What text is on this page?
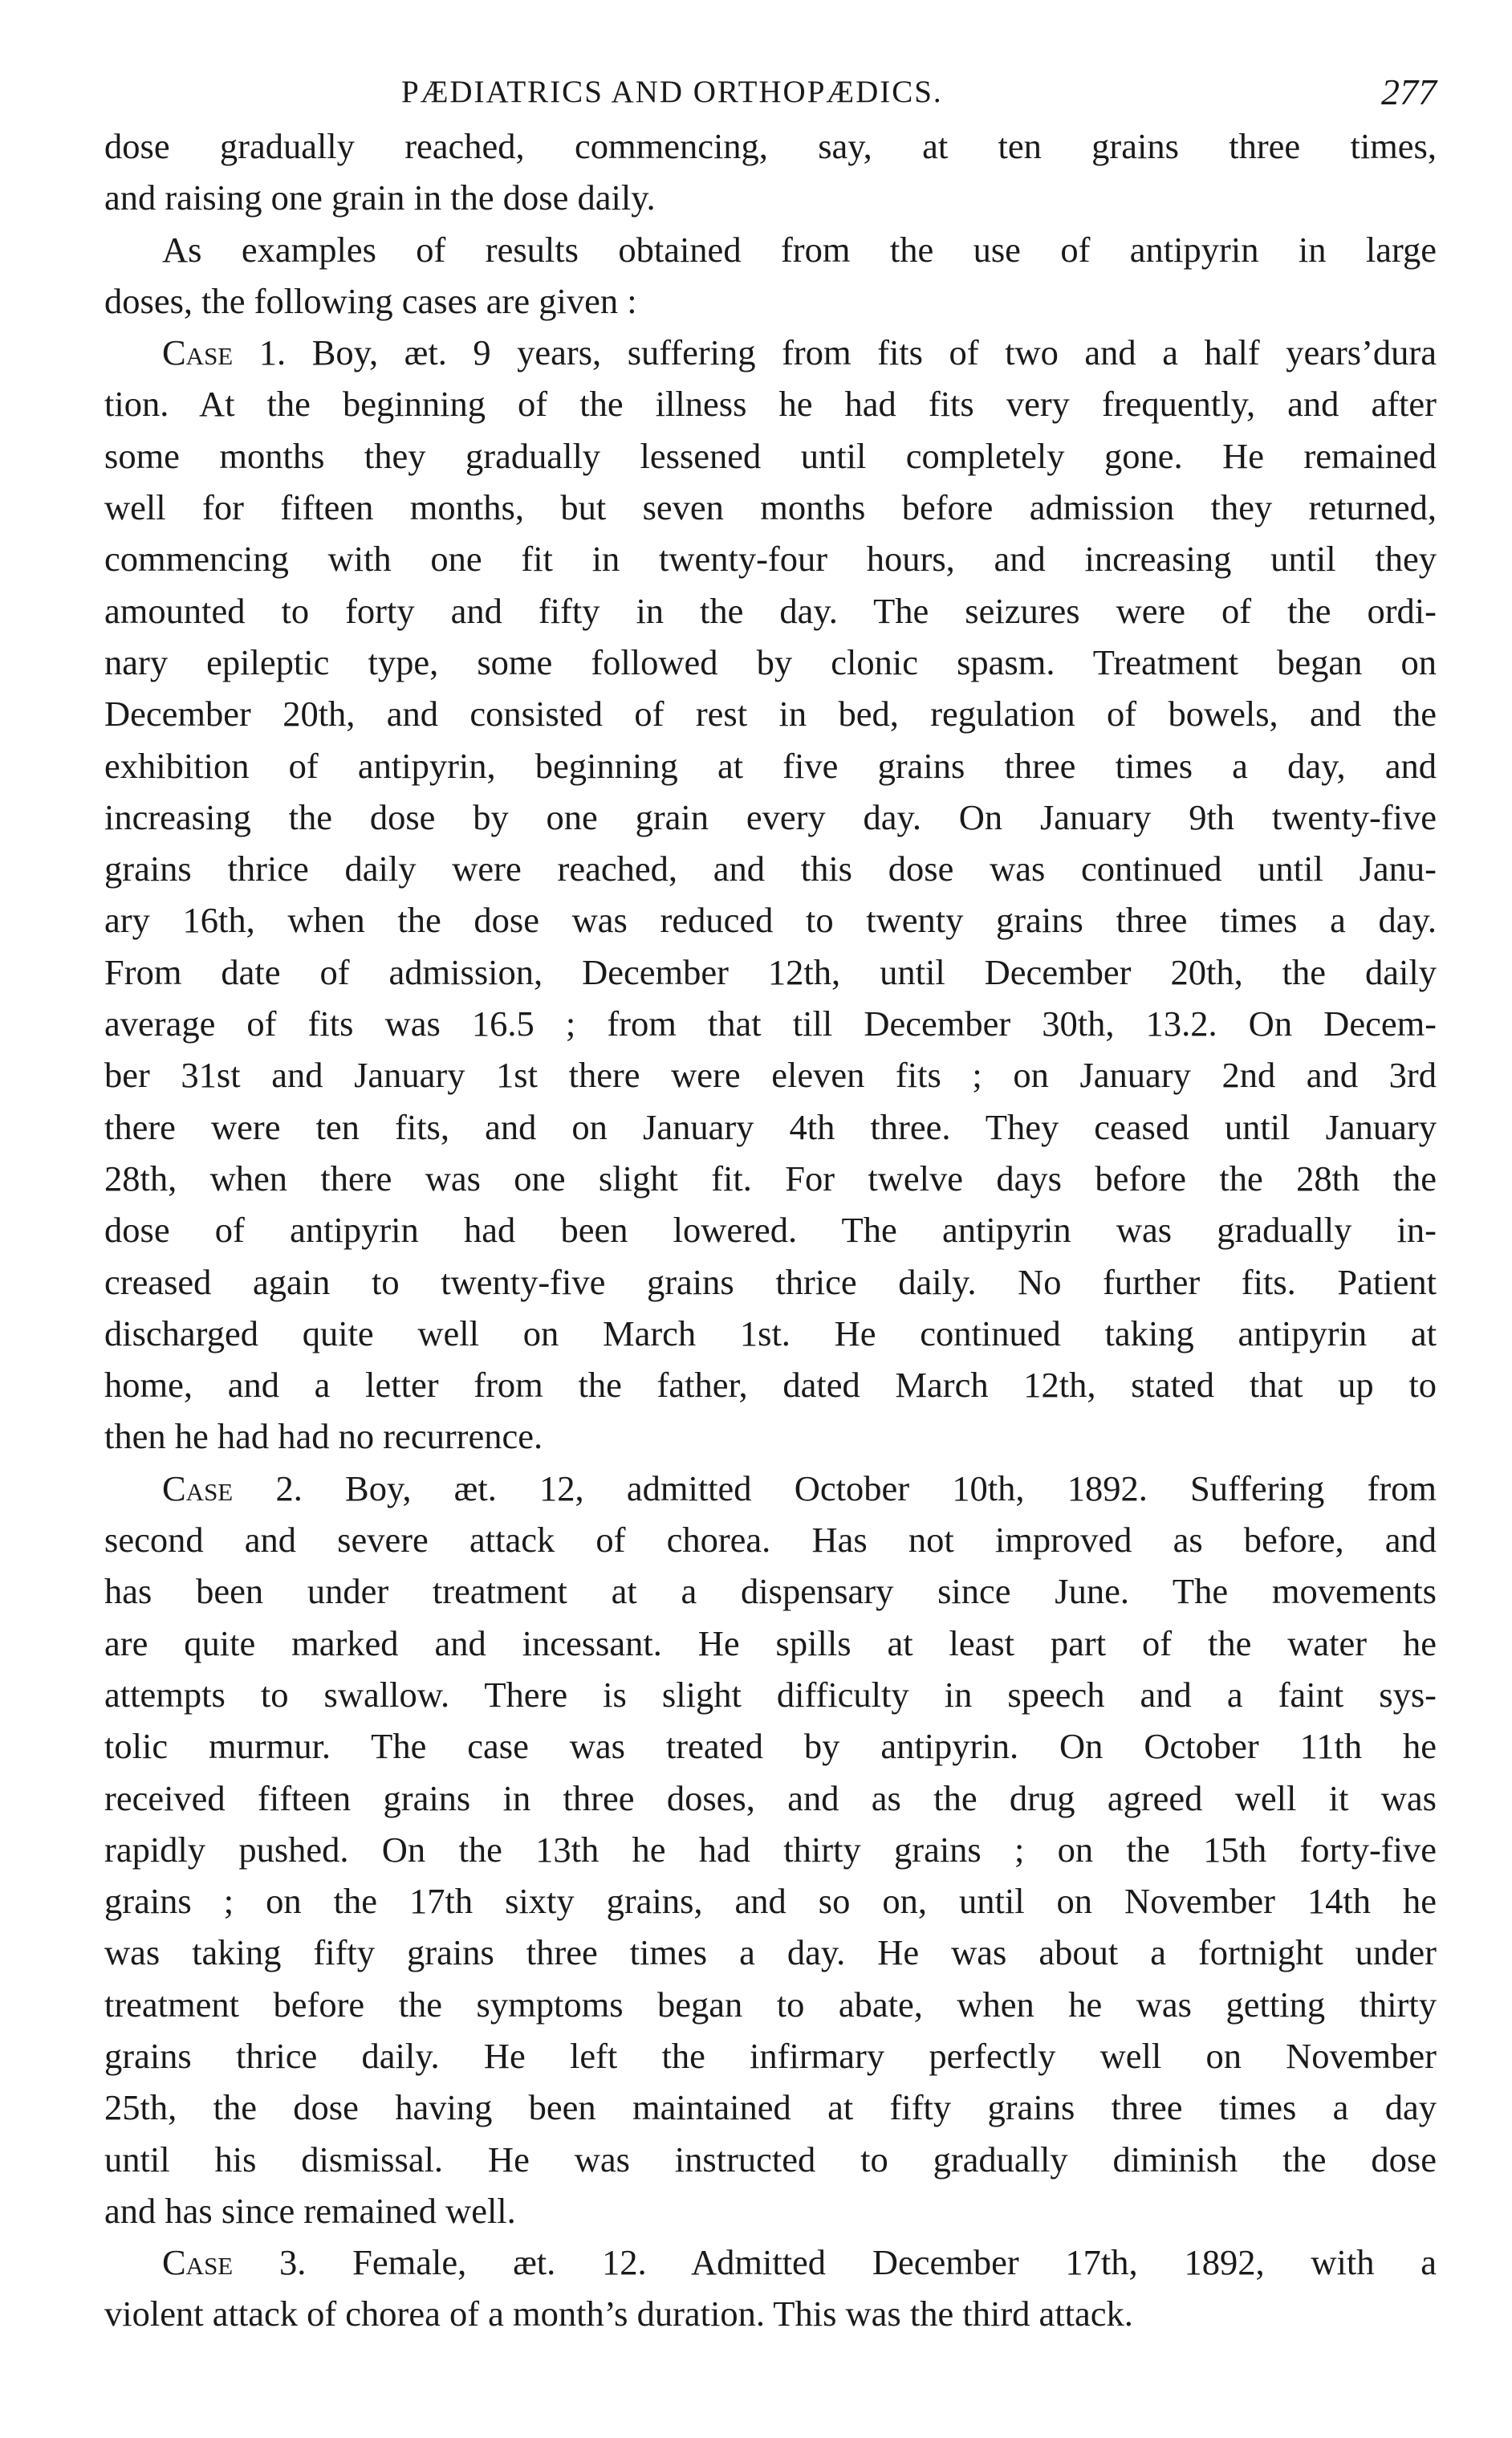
PÆDIATRICS AND ORTHOPÆDICS.	277
dose gradually reached, commencing, say, at ten grains three times,
and raising one grain in the dose daily.
As examples of results obtained from the use of antipyrin in large
doses, the following cases are given :
Case 1. Boy, æt. 9 years, suffering from fits of two and a half years’dura
tion. At the beginning of the illness he had fits very frequently, and after
some months they gradually lessened until completely gone. He remained
well for fifteen months, but seven months before admission they returned,
commencing with one fit in twenty-four hours, and increasing until they
amounted to forty and fifty in the day. The seizures were of the ordi-
nary epileptic type, some followed by clonic spasm. Treatment began on
December 20th, and consisted of rest in bed, regulation of bowels, and the
exhibition of antipyrin, beginning at five grains three times a day, and
increasing the dose by one grain every day. On January 9th twenty-five
grains thrice daily were reached, and this dose was continued until Janu-
ary 16th, when the dose was reduced to twenty grains three times a day.
From date of admission, December 12th, until December 20th, the daily
average of fits was 16.5 ; from that till December 30th, 13.2. On Decem-
ber 31st and January 1st there were eleven fits ; on January 2nd and 3rd
there were ten fits, and on January 4th three. They ceased until January
28th, when there was one slight fit. For twelve days before the 28th the
dose of antipyrin had been lowered. The antipyrin was gradually in-
creased again to twenty-five grains thrice daily. No further fits. Patient
discharged quite well on March 1st. He continued taking antipyrin at
home, and a letter from the father, dated March 12th, stated that up to
then he had had no recurrence.
Case 2. Boy, æt. 12, admitted October 10th, 1892. Suffering from
second and severe attack of chorea. Has not improved as before, and
has been under treatment at a dispensary since June. The movements
are quite marked and incessant. He spills at least part of the water he
attempts to swallow. There is slight difficulty in speech and a faint sys-
tolic murmur. The case was treated by antipyrin. On October 11th he
received fifteen grains in three doses, and as the drug agreed well it was
rapidly pushed. On the 13th he had thirty grains ; on the 15th forty-five
grains ; on the 17th sixty grains, and so on, until on November 14th he
was taking fifty grains three times a day. He was about a fortnight under
treatment before the symptoms began to abate, when he was getting thirty
grains thrice daily. He left the infirmary perfectly well on November
25th, the dose having been maintained at fifty grains three times a day
until his dismissal. He was instructed to gradually diminish the dose
and has since remained well.
Case 3. Female, æt. 12. Admitted December 17th, 1892, with a
violent attack of chorea of a month’s duration. This was the third attack.
